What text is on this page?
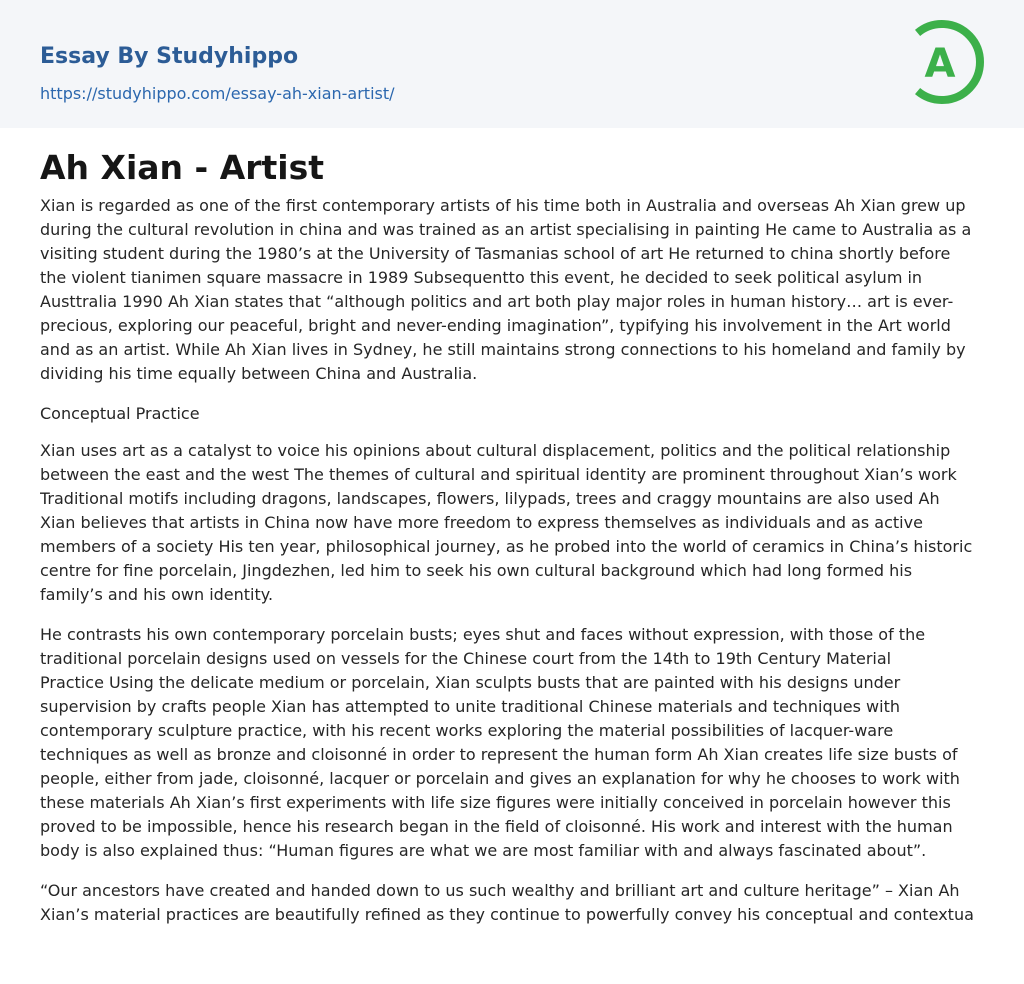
Essay By Studyhippo
https://studyhippo.com/essay-ah-xian-artist/
A
Ah Xian - Artist
Xian is regarded as one of the first contemporary artists of his time both in Australia and overseas Ah Xian grew up
during the cultural revolution in china and was trained as an artist specialising in painting He came to Australia as a
visiting student during the 1980’s at the University of Tasmanias school of art He returned to china shortly before
the violent tianimen square massacre in 1989 Subsequentto this event, he decided to seek political asylum in
Austtralia 1990 Ah Xian states that “although politics and art both play major roles in human history… art is ever-
precious, exploring our peaceful, bright and never-ending imagination”, typifying his involvement in the Art world
and as an artist. While Ah Xian lives in Sydney, he still maintains strong connections to his homeland and family by
dividing his time equally between China and Australia.
Conceptual Practice
Xian uses art as a catalyst to voice his opinions about cultural displacement, politics and the political relationship
between the east and the west The themes of cultural and spiritual identity are prominent throughout Xian’s work
Traditional motifs including dragons, landscapes, flowers, lilypads, trees and craggy mountains are also used Ah
Xian believes that artists in China now have more freedom to express themselves as individuals and as active
members of a society His ten year, philosophical journey, as he probed into the world of ceramics in China’s historic
centre for fine porcelain, Jingdezhen, led him to seek his own cultural background which had long formed his
family’s and his own identity.
He contrasts his own contemporary porcelain busts; eyes shut and faces without expression, with those of the
traditional porcelain designs used on vessels for the Chinese court from the 14th to 19th Century Material
Practice Using the delicate medium or porcelain, Xian sculpts busts that are painted with his designs under
supervision by crafts people Xian has attempted to unite traditional Chinese materials and techniques with
contemporary sculpture practice, with his recent works exploring the material possibilities of lacquer-ware
techniques as well as bronze and cloisonné in order to represent the human form Ah Xian creates life size busts of
people, either from jade, cloisonné, lacquer or porcelain and gives an explanation for why he chooses to work with
these materials Ah Xian’s first experiments with life size figures were initially conceived in porcelain however this
proved to be impossible, hence his research began in the field of cloisonné. His work and interest with the human
body is also explained thus: “Human figures are what we are most familiar with and always fascinated about”.
“Our ancestors have created and handed down to us such wealthy and brilliant art and culture heritage” – Xian Ah
Xian’s material practices are beautifully refined as they continue to powerfully convey his conceptual and contextua
